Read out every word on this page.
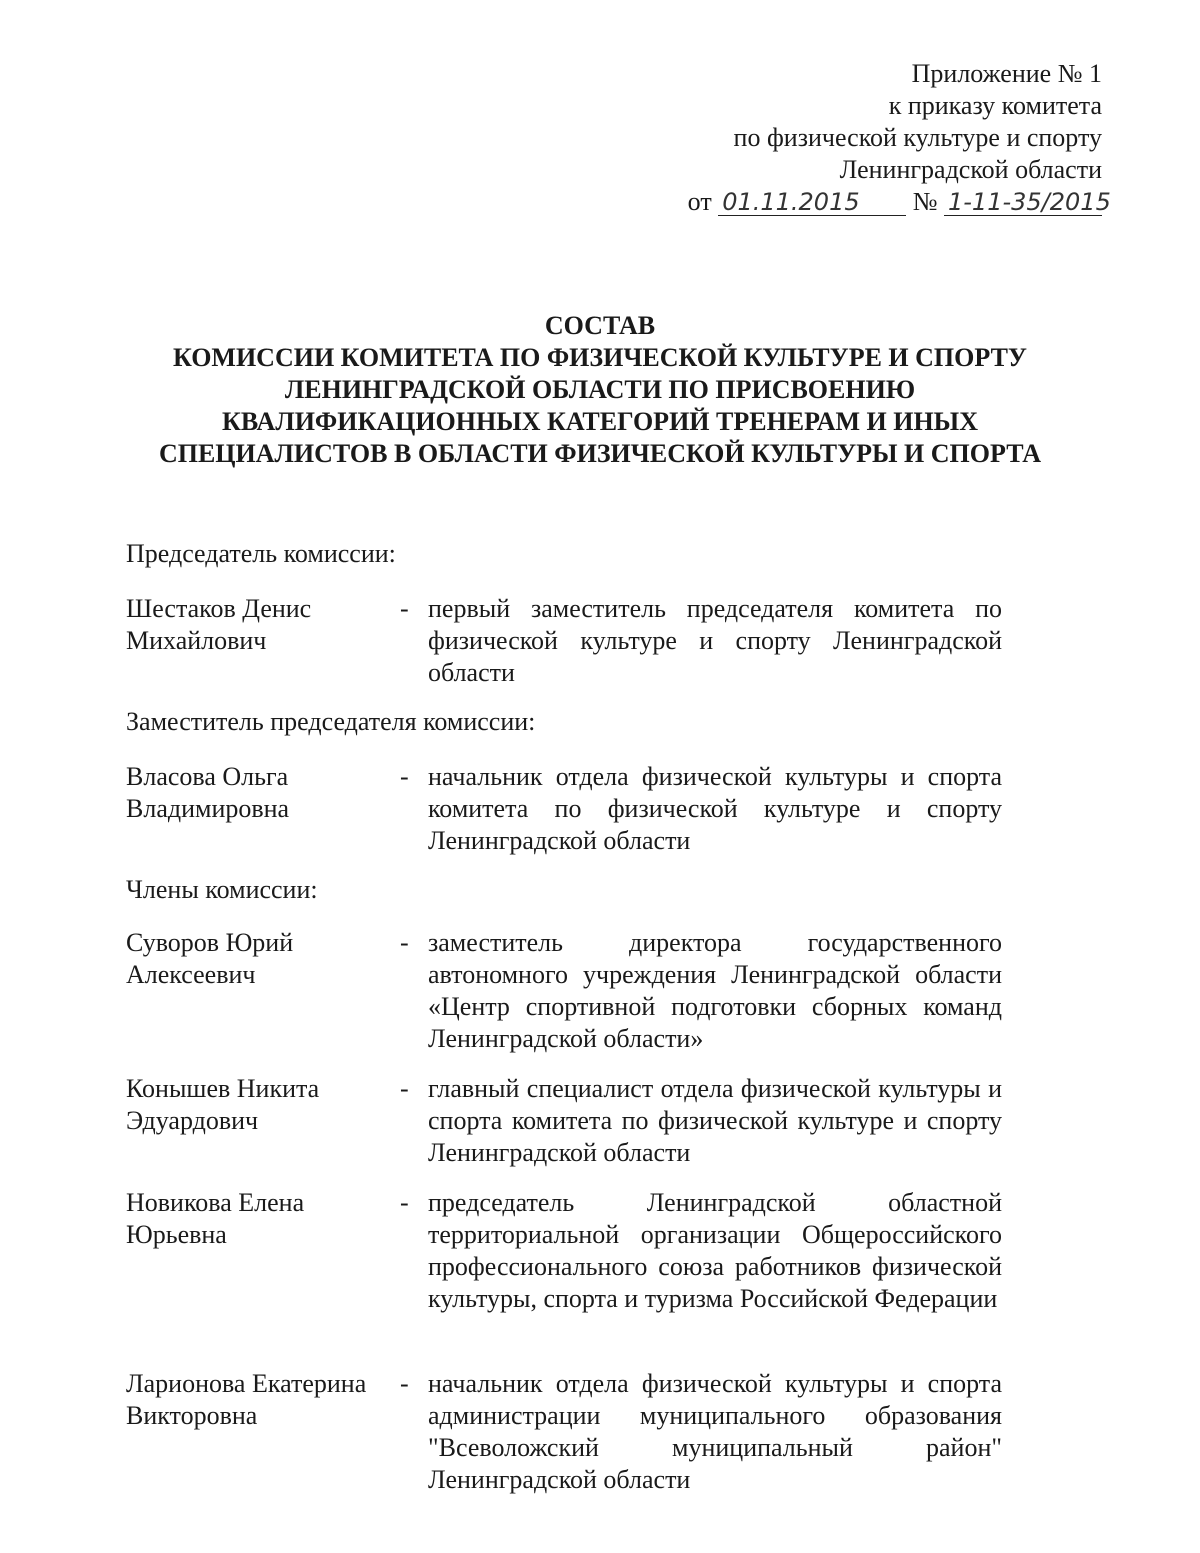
Приложение № 1
к приказу комитета
по физической культуре и спорту
Ленинградской области
от 01.11.2015 № 1-11-35/2015
СОСТАВ
КОМИССИИ КОМИТЕТА ПО ФИЗИЧЕСКОЙ КУЛЬТУРЕ И СПОРТУ
ЛЕНИНГРАДСКОЙ ОБЛАСТИ ПО ПРИСВОЕНИЮ
КВАЛИФИКАЦИОННЫХ КАТЕГОРИЙ ТРЕНЕРАМ И ИНЫХ
СПЕЦИАЛИСТОВ В ОБЛАСТИ ФИЗИЧЕСКОЙ КУЛЬТУРЫ И СПОРТА
Председатель комиссии:
Шестаков Денис Михайлович
- первый заместитель председателя комитета по физической культуре и спорту Ленинградской области
Заместитель председателя комиссии:
Власова Ольга Владимировна
- начальник отдела физической культуры и спорта комитета по физической культуре и спорту Ленинградской области
Члены комиссии:
Суворов Юрий Алексеевич
- заместитель директора государственного автономного учреждения Ленинградской области «Центр спортивной подготовки сборных команд Ленинградской области»
Конышев Никита Эдуардович
- главный специалист отдела физической культуры и спорта комитета по физической культуре и спорту Ленинградской области
Новикова Елена Юрьевна
- председатель Ленинградской областной территориальной организации Общероссийского профессионального союза работников физической культуры, спорта и туризма Российской Федерации
Ларионова Екатерина Викторовна
- начальник отдела физической культуры и спорта администрации муниципального образования "Всеволожский муниципальный район" Ленинградской области
